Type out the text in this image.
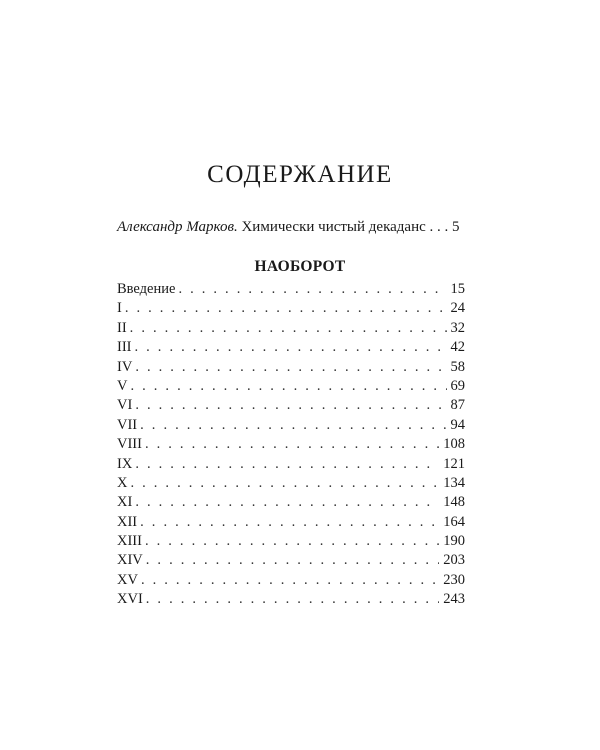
СОДЕРЖАНИЕ
Александр Марков. Химически чистый декаданс . . . 5
НАОБОРОТ
Введение . . .	15
I . . .	24
II . . .	32
III . . .	42
IV . . .	58
V . . .	69
VI . . .	87
VII . . .	94
VIII . . .	108
IX . . .	121
X . . .	134
XI . . .	148
XII . . .	164
XIII . . .	190
XIV . . .	203
XV . . .	230
XVI . . .	243
